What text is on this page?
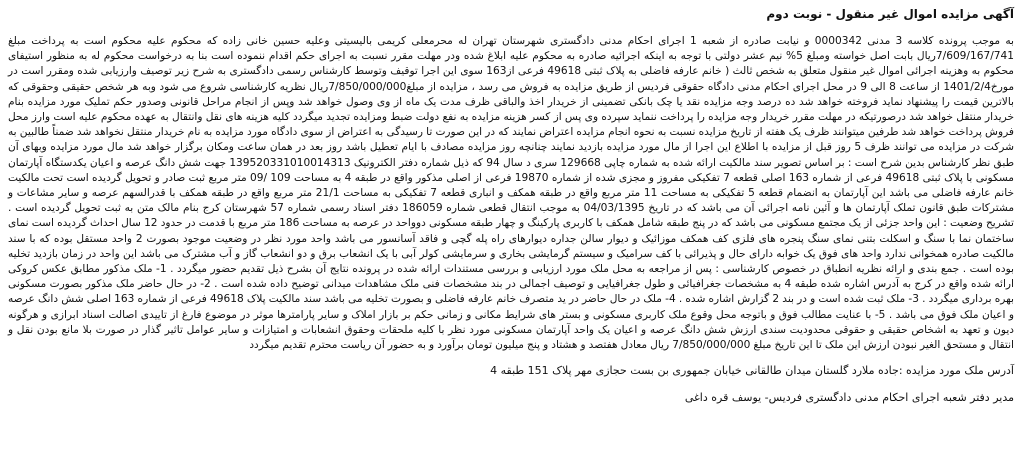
آگهی مزایده اموال غیر منقول - نوبت دوم

به موجب پرونده کلاسه 3 مدنی 0000342 و نیابت صادره از شعبه 1 اجرای احکام مدنی دادگستری شهرستان تهران له محرمعلی کریمی بالیسیتی وعلیه حسین خانی زاده که محکوم علیه محکوم است به پرداخت مبلغ 7/609/167/741ریال بابت اصل خواسته ومبلغ 5% نیم عشر دولتی با توجه به اینکه اجرائیه صادره به محکوم علیه ابلاغ شده ودر مهلت مقرر نسبت به اجرای حکم اقدام ننموده است بنا به درخواست محکوم له به منظور استیفای محکوم به وهزینه اجرائی اموال غیر منقول متعلق به شخص ثالث ( خانم عارفه فاضلی به پلاک ثبتی 49618 فرعی از163 سوی این اجرا توقیف وتوسط کارشناس رسمی دادگستری به شرح زیر توصیف وارزیابی شده ومقرر است در مورخ1401/2/4 از ساعت 8 الی 9 در محل اجرای احکام مدنی دادگاه حقوقی فردیس از طریق مزایده به فروش می رسد ، مزایده از مبلغ7/850/000/000ریال نظریه کارشناسی شروع می شود وبه هر شخص حقیقی وحقوقی که بالاترین قیمت را پیشنهاد نماید فروخته خواهد شد ده درصد وجه مزایده نقد یا چک بانکی تضمینی از خریدار اخذ والباقی ظرف مدت یک ماه از وی وصول خواهد شد وپس از انجام مراحل قانونی وصدور حکم تملیک مورد مزایده بنام خریدار منتقل خواهد شد درصورتیکه در مهلت مقرر خریدار وجه مزایده را پرداخت ننماید سپرده وی پس از کسر هزینه مزایده به نفع دولت ضبط ومزایده تجدید میگردد کلیه هزینه های نقل وانتقال به عهده محکوم علیه است وارز محل فروش پرداخت خواهد شد طرفین میتوانند ظرف یک هفته از تاریخ مزایده نسبت به نحوه انجام مزایده اعتراض نمایند که در این صورت تا رسیدگی به اعتراض از سوی دادگاه مورد مزایده به نام خریدار منتقل نخواهد شد ضمناً طالبین به شرکت در مزایده می توانند ظرف 5 روز قبل از مزایده با اطلاع این اجرا از مال مورد مزایده بازدید نمایند چنانچه روز مزایده مصادف با ایام تعطیل باشد روز بعد در همان ساعت ومکان برگزار خواهد شد مال مورد مزایده وبهای آن طبق نظر کارشناس بدین شرح است : بر اساس تصویر سند مالکیت ارائه شده به شماره چاپی 129668 سری د سال 94 که ذیل شماره دفتر الکترونیک 139520331010014313 جهت شش دانگ عرصه و اعیان یکدستگاه آپارتمان مسکونی با پلاک ثبتی 49618 فرعی از شماره 163 اصلی قطعه 7 تفکیکی مفروز و مجزی شده از شماره 19870 فرعی از اصلی مذکور واقع در طبقه 4 به مساحت 109 /09 متر مربع ثبت صادر و تحویل گردیده است تحت مالکیت خانم عارفه فاضلی می باشد این آپارتمان به انضمام قطعه 5 تفکیکی به مساحت 11 متر مربع واقع در طبقه همکف و انباری قطعه 7 تفکیکی به مساحت 21/1 متر مربع واقع در طبقه همکف با قدرالسهم عرصه و سایر مشاعات و مشترکات طبق قانون تملک آپارتمان ها و آئین نامه اجرائی آن می باشد که در تاریخ 04/03/1395 به موجب انتقال قطعی شماره 186059 دفتر اسناد رسمی شماره 57 شهرستان کرج بنام مالک متن به ثبت تحویل گردیده است . تشریح وضعیت : این واحد جزئی از یک مجتمع مسکونی می باشد که در پنج طبقه شامل همکف با کاربری پارکینگ و چهار طبقه مسکونی دوواحد در عرصه به مساحت 186 متر مربع با قدمت در حدود 12 سال احداث گردیده است نمای ساختمان نما با سنگ و اسکلت بتنی نمای سنگ پنجره های فلزی کف همکف موزائیک و دیوار سالن جداره دیوارهای راه پله گچی و فاقد آسانسور می باشد واحد مورد نظر در وضعیت موجود بصورت 2 واحد مستقل بوده که با سند مالکیت صادره همخوانی ندارد واحد های فوق یک خوابه دارای حال و پذیرائی با کف سرامیک و سیستم گرمایشی بخاری و سرمایشی کولر آبی با یک انشعاب برق و دو انشعاب گاز و آب مشترک می باشد این واحد در زمان بازدید تخلیه بوده است . جمع بندی و ارائه نظریه انطباق در خصوص کارشناسی : پس از مراجعه به محل ملک مورد ارزیابی و بررسی مستندات ارائه شده در پرونده نتایج آن بشرح ذیل تقدیم حضور میگردد . 1- ملک مذکور مطابق عکس کروکی ارائه شده واقع در کرج به آدرس اشاره شده طبقه 4 به مشخصات جغرافیائی و طول جغرافیایی و توصیف اجمالی در بند مشخصات فنی ملک مشاهدات میدانی توضیح داده شده است . 2- در حال حاضر ملک مذکور بصورت مسکونی بهره برداری میگردد . 3- ملک ثبت شده است و در بند 2 گزارش اشاره شده . 4- ملک در حال حاضر در ید متصرف خانم عارفه فاضلی و بصورت تخلیه می باشد سند مالکیت پلاک 49618 فرعی از شماره 163 اصلی شش دانگ عرصه و اعیان ملک فوق می باشد . 5- با عنایت مطالب فوق و باتوجه محل وقوع ملک کاربری مسکونی و بستر های شرایط مکانی و زمانی حکم بر بازار املاک و سایر پارامترها موثر در موضوع فارغ از تاییدی اصالت اسناد ابرازی و هرگونه دیون و تعهد به اشخاص حقیقی و حقوقی محدودیت سندی ارزش شش دانگ عرصه و اعیان یک واحد آپارتمان مسکونی مورد نظر با کلیه ملحقات وحقوق انشعابات و امتیازات و سایر عوامل تاثیر گذار در صورت بلا مانع بودن نقل و انتقال و مستحق الغیر نبودن ارزش این ملک تا این تاریخ مبلغ 7/850/000/000 ریال معادل هفتصد و هشتاد و پنج میلیون تومان برآورد و به حضور آن ریاست محترم تقدیم میگردد

آدرس ملک مورد مزایده :جاده ملارد گلستان میدان طالقانی خیابان جمهوری بن بست حجازی مهر پلاک 151 طبقه 4
مدیر دفتر شعبه اجرای احکام مدنی دادگستری فردیس- یوسف قره داغی
